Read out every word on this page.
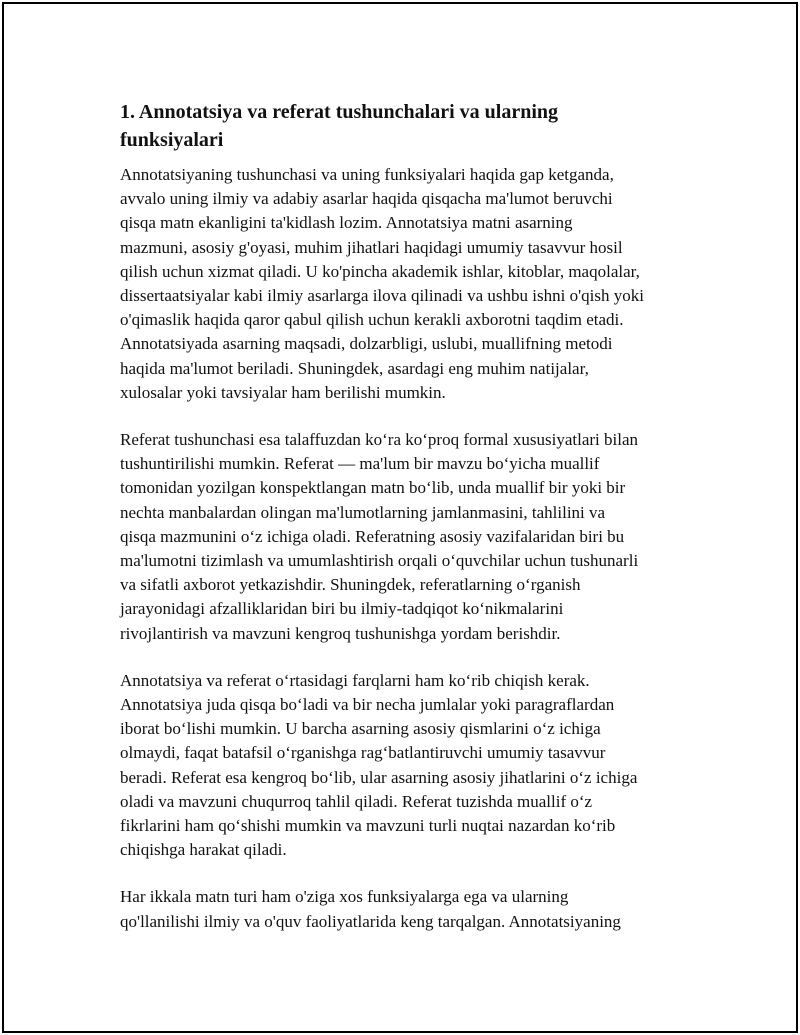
1. Annotatsiya va referat tushunchalari va ularning
funksiyalari
Annotatsiyaning tushunchasi va uning funksiyalari haqida gap ketganda,
avvalo uning ilmiy va adabiy asarlar haqida qisqacha ma'lumot beruvchi
qisqa matn ekanligini ta'kidlash lozim. Annotatsiya matni asarning
mazmuni, asosiy g'oyasi, muhim jihatlari haqidagi umumiy tasavvur hosil
qilish uchun xizmat qiladi. U ko'pincha akademik ishlar, kitoblar, maqolalar,
dissertaatsiyalar kabi ilmiy asarlarga ilova qilinadi va ushbu ishni o'qish yoki
o'qimaslik haqida qaror qabul qilish uchun kerakli axborotni taqdim etadi.
Annotatsiyada asarning maqsadi, dolzarbligi, uslubi, muallifning metodi
haqida ma'lumot beriladi. Shuningdek, asardagi eng muhim natijalar,
xulosalar yoki tavsiyalar ham berilishi mumkin.
Referat tushunchasi esa talaffuzdan koʻra koʻproq formal xususiyatlari bilan
tushuntirilishi mumkin. Referat — ma'lum bir mavzu boʻyicha muallif
tomonidan yozilgan konspektlangan matn boʻlib, unda muallif bir yoki bir
nechta manbalardan olingan ma'lumotlarning jamlanmasini, tahlilini va
qisqa mazmunini oʻz ichiga oladi. Referatning asosiy vazifalaridan biri bu
ma'lumotni tizimlash va umumlashtirish orqali oʻquvchilar uchun tushunarli
va sifatli axborot yetkazishdir. Shuningdek, referatlarning oʻrganish
jarayonidagi afzalliklaridan biri bu ilmiy-tadqiqot koʻnikmalarini
rivojlantirish va mavzuni kengroq tushunishga yordam berishdir.
Annotatsiya va referat oʻrtasidagi farqlarni ham koʻrib chiqish kerak.
Annotatsiya juda qisqa boʻladi va bir necha jumlalar yoki paragraflardan
iborat boʻlishi mumkin. U barcha asarning asosiy qismlarini oʻz ichiga
olmaydi, faqat batafsil oʻrganishga ragʻbatlantiruvchi umumiy tasavvur
beradi. Referat esa kengroq boʻlib, ular asarning asosiy jihatlarini oʻz ichiga
oladi va mavzuni chuqurroq tahlil qiladi. Referat tuzishda muallif oʻz
fikrlarini ham qoʻshishi mumkin va mavzuni turli nuqtai nazardan koʻrib
chiqishga harakat qiladi.
Har ikkala matn turi ham o'ziga xos funksiyalarga ega va ularning
qo'llanilishi ilmiy va o'quv faoliyatlarida keng tarqalgan. Annotatsiyaning
